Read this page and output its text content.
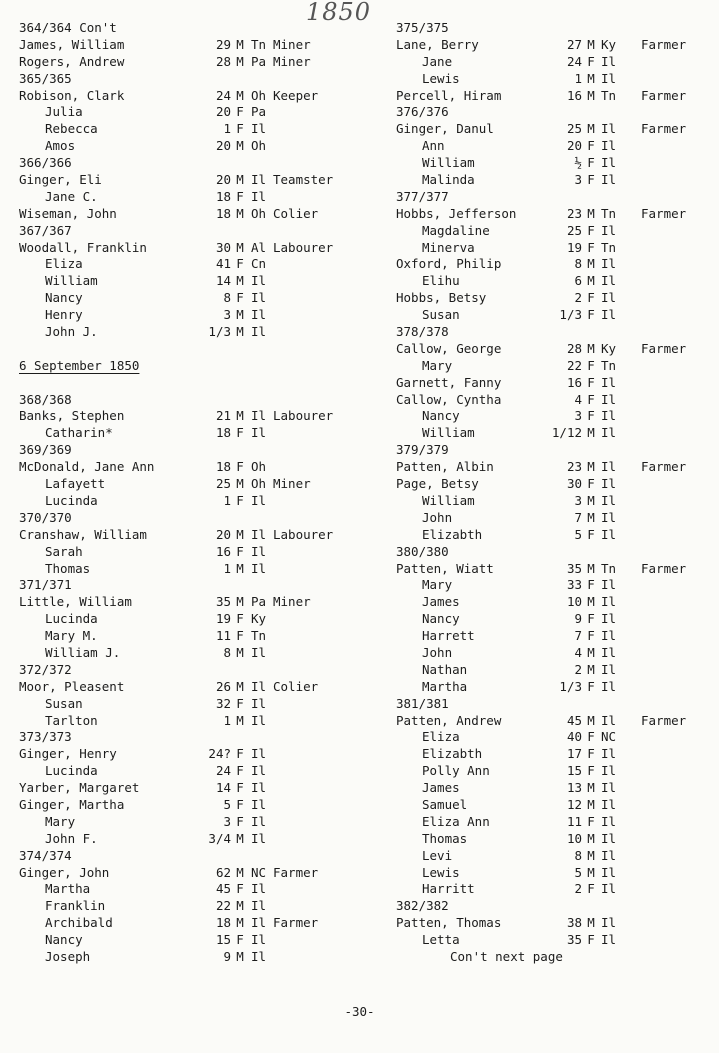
1850
364/364 Con't
James, William	29 M Tn Miner
Rogers, Andrew	28 M Pa Miner
365/365
Robison, Clark	24 M Oh Keeper
Julia	20 F Pa
Rebecca	1 F Il
Amos	20 M Oh
366/366
Ginger, Eli	20 M Il Teamster
Jane C.	18 F Il
Wiseman, John	18 M Oh Colier
367/367
Woodall, Franklin	30 M Al Labourer
Eliza	41 F Cn
William	14 M Il
Nancy	8 F Il
Henry	3 M Il
John J.	1/3 M Il
6 September 1850
368/368
Banks, Stephen	21 M Il Labourer
Catharin*	18 F Il
369/369
McDonald, Jane Ann	18 F Oh
Lafayett	25 M Oh Miner
Lucinda	1 F Il
370/370
Cranshaw, William	20 M Il Labourer
Sarah	16 F Il
Thomas	1 M Il
371/371
Little, William	35 M Pa Miner
Lucinda	19 F Ky
Mary M.	11 F Tn
William J.	8 M Il
372/372
Moor, Pleasent	26 M Il Colier
Susan	32 F Il
Tarlton	1 M Il
373/373
Ginger, Henry	24? F Il
Lucinda	24 F Il
Yarber, Margaret	14 F Il
Ginger, Martha	5 F Il
Mary	3 F Il
John F.	3/4 M Il
374/374
Ginger, John	62 M NC Farmer
Martha	45 F Il
Franklin	22 M Il
Archibald	18 M Il Farmer
Nancy	15 F Il
Joseph	9 M Il
375/375
Lane, Berry	27 M Ky Farmer
Jane	24 F Il
Lewis	1 M Il
Percell, Hiram	16 M Tn Farmer
376/376
Ginger, Danul	25 M Il Farmer
Ann	20 F Il
William	½ F Il
Malinda	3 F Il
377/377
Hobbs, Jefferson	23 M Tn Farmer
Magdaline	25 F Il
Minerva	19 F Tn
Oxford, Philip	8 M Il
Elihu	6 M Il
Hobbs, Betsy	2 F Il
Susan	1/3 F Il
378/378
Callow, George	28 M Ky Farmer
Mary	22 F Tn
Garnett, Fanny	16 F Il
Callow, Cyntha	4 F Il
Nancy	3 F Il
William	1/12 M Il
379/379
Patten, Albin	23 M Il Farmer
Page, Betsy	30 F Il
William	3 M Il
John	7 M Il
Elizabth	5 F Il
380/380
Patten, Wiatt	35 M Tn Farmer
Mary	33 F Il
James	10 M Il
Nancy	9 F Il
Harrett	7 F Il
John	4 M Il
Nathan	2 M Il
Martha	1/3 F Il
381/381
Patten, Andrew	45 M Il Farmer
Eliza	40 F NC
Elizabth	17 F Il
Polly Ann	15 F Il
James	13 M Il
Samuel	12 M Il
Eliza Ann	11 F Il
Thomas	10 M Il
Levi	8 M Il
Lewis	5 M Il
Harritt	2 F Il
382/382
Patten, Thomas	38 M Il
Letta	35 F Il
Con't next page
-30-
